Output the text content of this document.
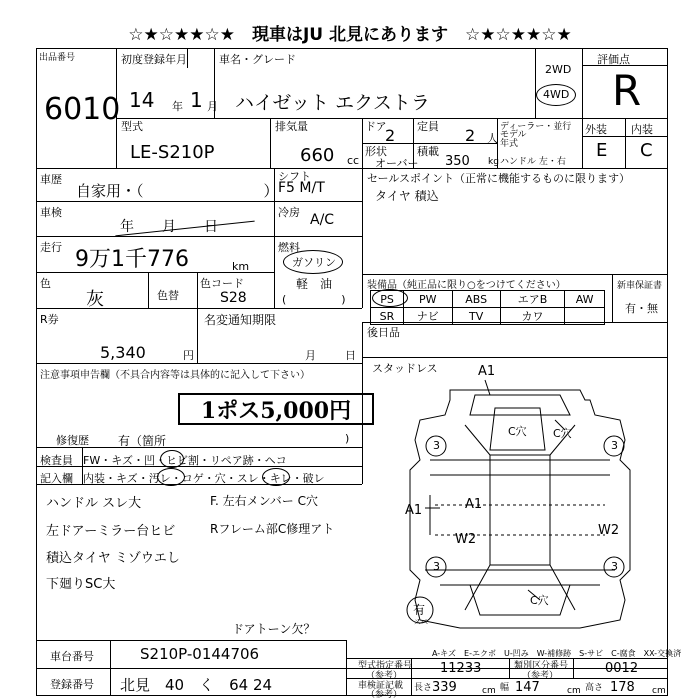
☆★☆★★☆★　現車はJU 北見にあります　☆★☆★★☆★
出品番号
6010
初度登録年月	車名・グレード
14 年 1 月 ハイゼット エクストラ
2WD
4WD
評価点
R
型式
LE-S210P
排気量
660 cc
ドア
2 定員 2 人
ディーラー・並行
モデル年式
ハンドル 左・右
形状
オーバー
積載
350 kg
外装 内装
E C
車歴
自家用・（　　　　　　　　）
シフト
F5 M/T
車検
年　　月　　日
冷房 A/C
走行 9万1千776	km
燃料
ガソリン
軽　油
色
灰	色替
色コード
S28	(　　　　　)
セールスポイント（正常に機能するものに限ります）
タイヤ 積込
装備品（純正品に限り○をつけてください）	新車保証書
有・無
PS	PW	ABS	エアB	AW
SR	ナビ	TV	カワ	
R券
5,340	円
名変通知期限
月	日
後日品
スタッドレス
注意事項申告欄（不具合内容等は具体的に記入して下さい）
1ポス5,000円
修復歴 有（箇所	)
検査員 FW・キズ・凹・ヒビ割・リペア跡・ヘコ
記入欄 内装・キズ・汚レ・コゲ・穴・スレ・キレ・破レ
ハンドル スレ大
左ドアーミラー台ヒビ
積込タイヤ ミゾウエし
下廻りSC大
F. 左右メンバー C穴
Rフレーム部C修理アト
ドアトーン欠？
A1
C穴 C穴
C穴
A1	A1
W2
W2
3	3
3	3
有
スペ
A-キズ　E-エクボ　U-凹み　W-補修跡　S-サビ　C-腐食　XX-交換済
車台番号	S210P-0144706
登録番号 北見　40　く　64 24
型式指定番号
（参考）	11233	類別区分番号
（参考）	0012
車検証記載
（参考）
長さ 339	cm 幅 147	cm 高さ 178 cm
